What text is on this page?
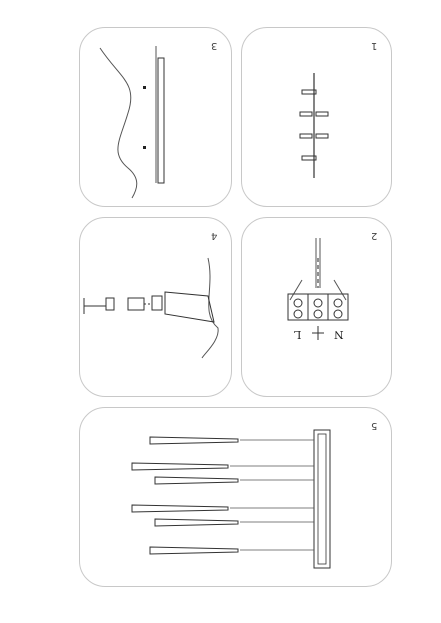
3	1
4	2
L	N
5
